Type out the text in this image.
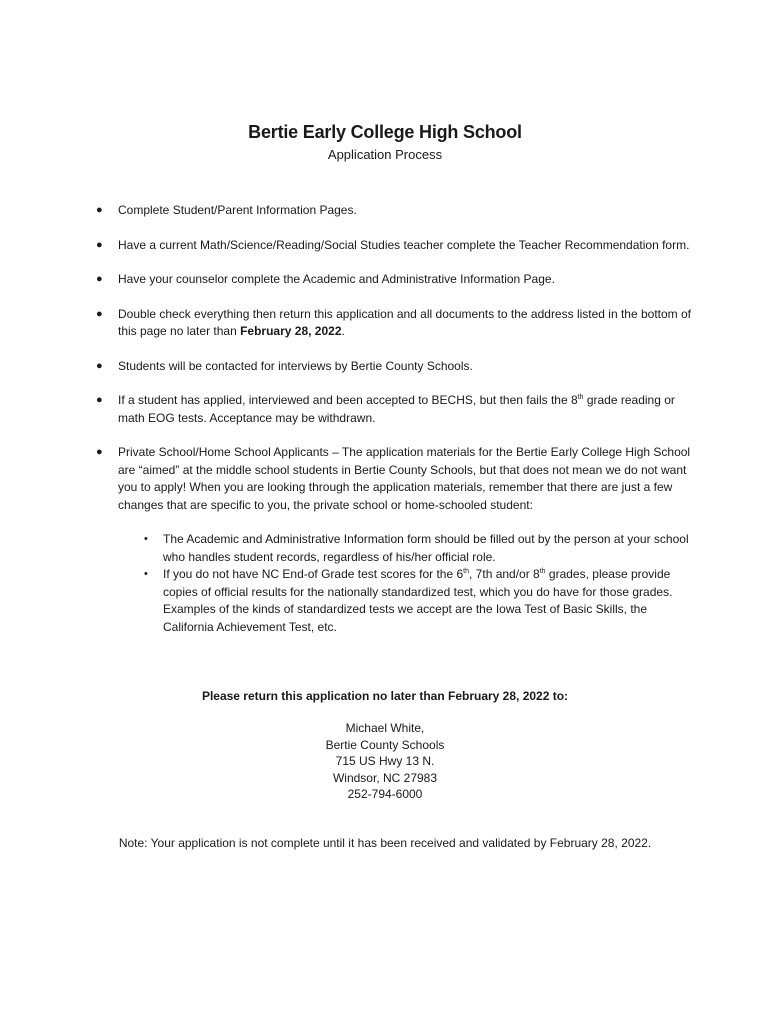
Bertie Early College High School
Application Process
● Complete Student/Parent Information Pages.
● Have a current Math/Science/Reading/Social Studies teacher complete the Teacher Recommendation form.
● Have your counselor complete the Academic and Administrative Information Page.
● Double check everything then return this application and all documents to the address listed in the bottom of this page no later than February 28, 2022.
● Students will be contacted for interviews by Bertie County Schools.
● If a student has applied, interviewed and been accepted to BECHS, but then fails the 8th grade reading or math EOG tests. Acceptance may be withdrawn.
● Private School/Home School Applicants – The application materials for the Bertie Early College High School are “aimed” at the middle school students in Bertie County Schools, but that does not mean we do not want you to apply! When you are looking through the application materials, remember that there are just a few changes that are specific to you, the private school or home-schooled student:
• The Academic and Administrative Information form should be filled out by the person at your school who handles student records, regardless of his/her official role.
• If you do not have NC End-of Grade test scores for the 6th, 7th and/or 8th grades, please provide copies of official results for the nationally standardized test, which you do have for those grades. Examples of the kinds of standardized tests we accept are the Iowa Test of Basic Skills, the California Achievement Test, etc.
Please return this application no later than February 28, 2022 to:
Michael White,
Bertie County Schools
715 US Hwy 13 N.
Windsor, NC 27983
252-794-6000
Note: Your application is not complete until it has been received and validated by February 28, 2022.
